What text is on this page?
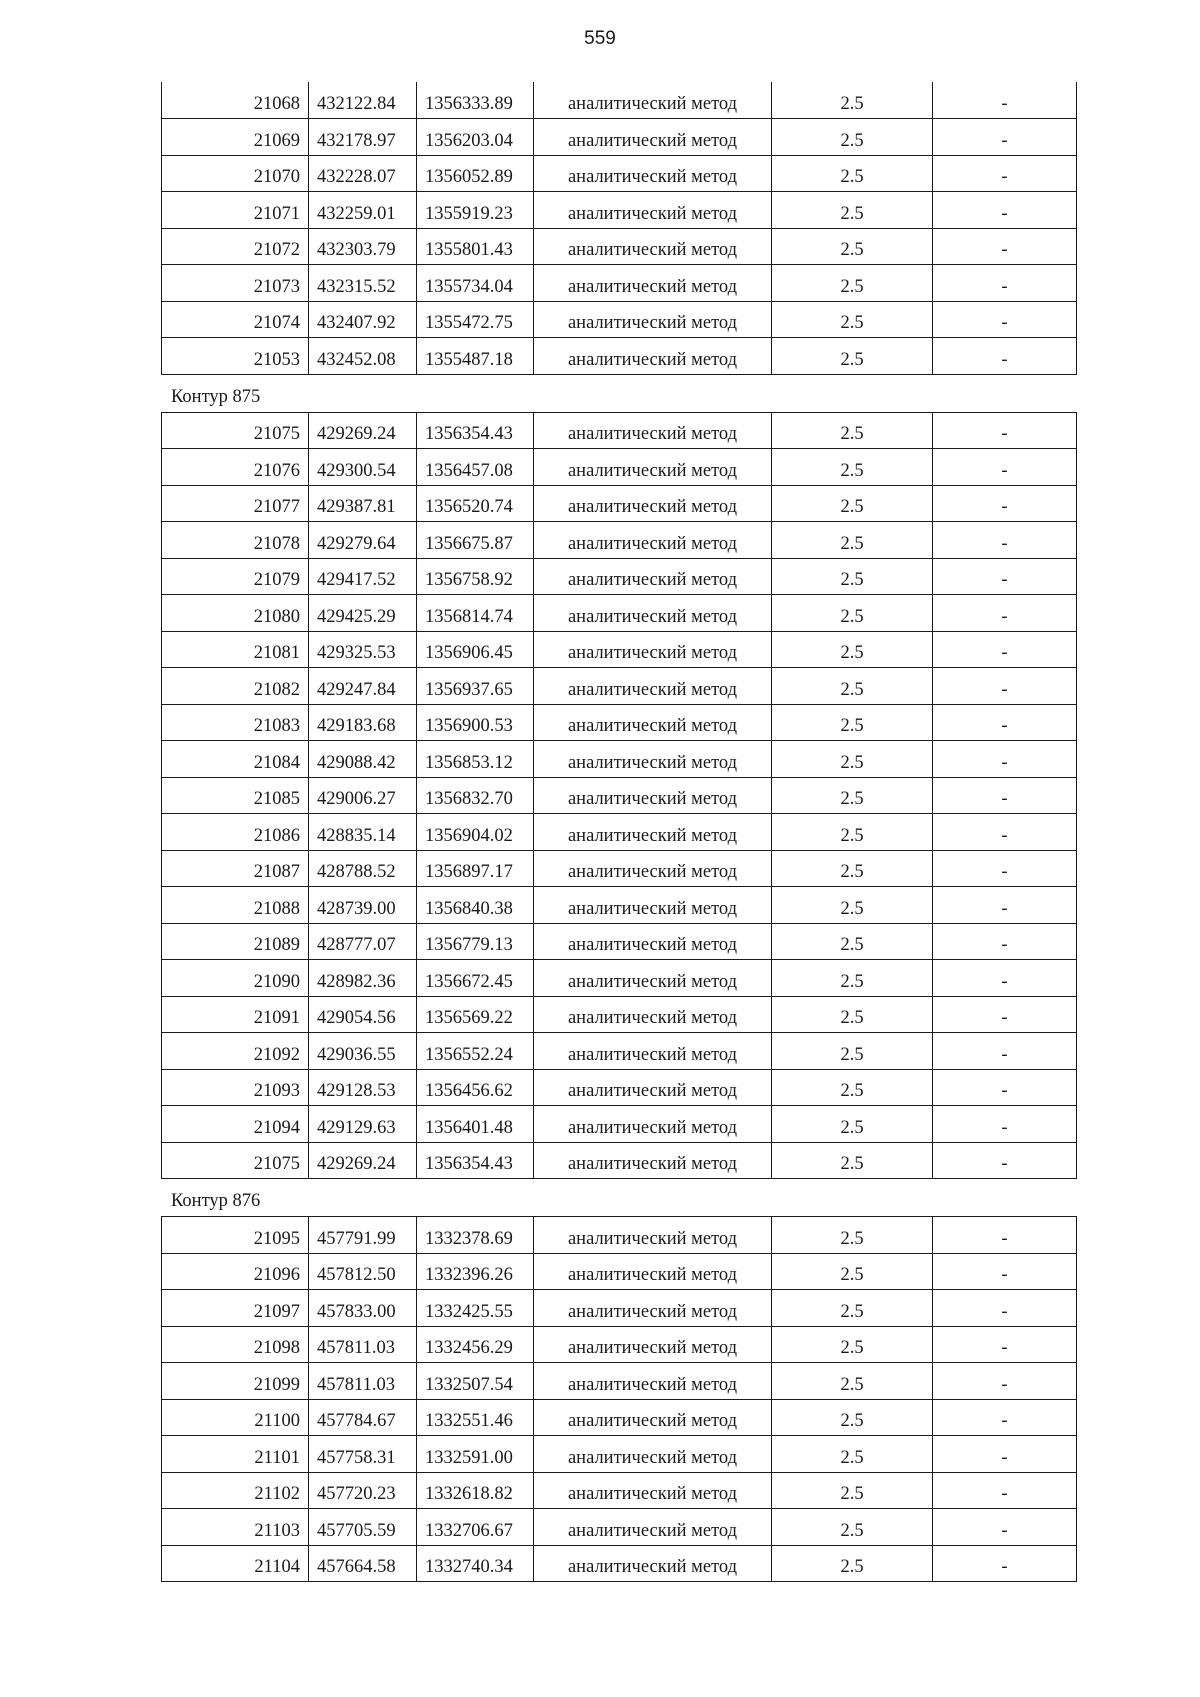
559
21068	432122.84	1356333.89	аналитический метод	2.5	-
21069	432178.97	1356203.04	аналитический метод	2.5	-
21070	432228.07	1356052.89	аналитический метод	2.5	-
21071	432259.01	1355919.23	аналитический метод	2.5	-
21072	432303.79	1355801.43	аналитический метод	2.5	-
21073	432315.52	1355734.04	аналитический метод	2.5	-
21074	432407.92	1355472.75	аналитический метод	2.5	-
21053	432452.08	1355487.18	аналитический метод	2.5	-
Контур 875
21075	429269.24	1356354.43	аналитический метод	2.5	-
21076	429300.54	1356457.08	аналитический метод	2.5	-
21077	429387.81	1356520.74	аналитический метод	2.5	-
21078	429279.64	1356675.87	аналитический метод	2.5	-
21079	429417.52	1356758.92	аналитический метод	2.5	-
21080	429425.29	1356814.74	аналитический метод	2.5	-
21081	429325.53	1356906.45	аналитический метод	2.5	-
21082	429247.84	1356937.65	аналитический метод	2.5	-
21083	429183.68	1356900.53	аналитический метод	2.5	-
21084	429088.42	1356853.12	аналитический метод	2.5	-
21085	429006.27	1356832.70	аналитический метод	2.5	-
21086	428835.14	1356904.02	аналитический метод	2.5	-
21087	428788.52	1356897.17	аналитический метод	2.5	-
21088	428739.00	1356840.38	аналитический метод	2.5	-
21089	428777.07	1356779.13	аналитический метод	2.5	-
21090	428982.36	1356672.45	аналитический метод	2.5	-
21091	429054.56	1356569.22	аналитический метод	2.5	-
21092	429036.55	1356552.24	аналитический метод	2.5	-
21093	429128.53	1356456.62	аналитический метод	2.5	-
21094	429129.63	1356401.48	аналитический метод	2.5	-
21075	429269.24	1356354.43	аналитический метод	2.5	-
Контур 876
21095	457791.99	1332378.69	аналитический метод	2.5	-
21096	457812.50	1332396.26	аналитический метод	2.5	-
21097	457833.00	1332425.55	аналитический метод	2.5	-
21098	457811.03	1332456.29	аналитический метод	2.5	-
21099	457811.03	1332507.54	аналитический метод	2.5	-
21100	457784.67	1332551.46	аналитический метод	2.5	-
21101	457758.31	1332591.00	аналитический метод	2.5	-
21102	457720.23	1332618.82	аналитический метод	2.5	-
21103	457705.59	1332706.67	аналитический метод	2.5	-
21104	457664.58	1332740.34	аналитический метод	2.5	-
